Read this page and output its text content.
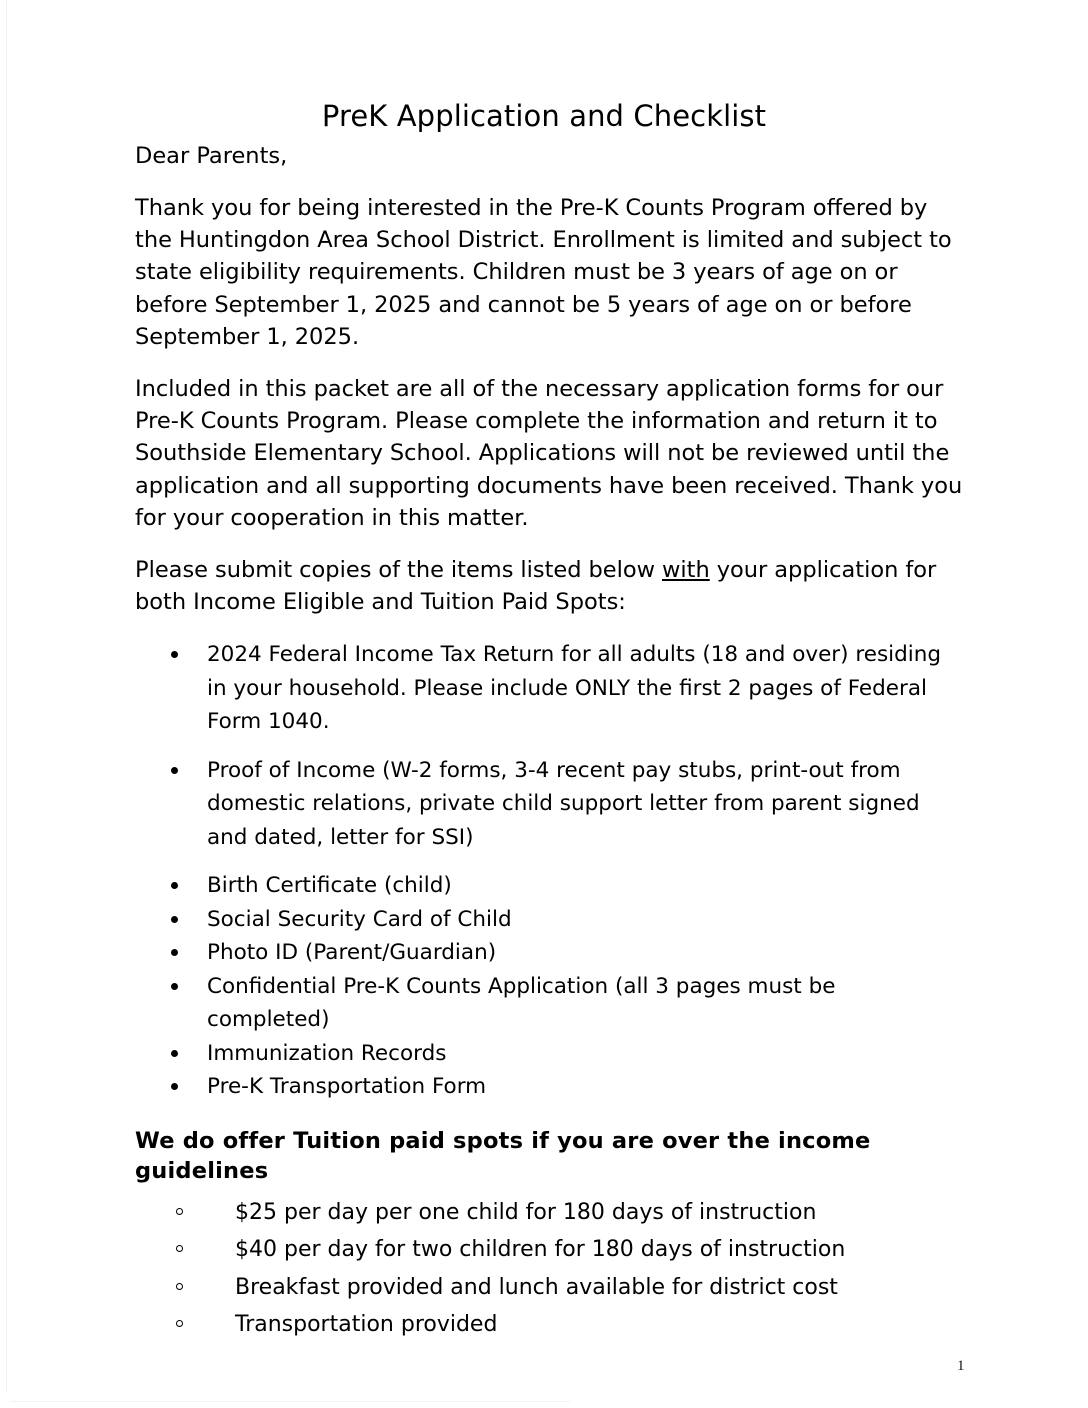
PreK Application and Checklist

Dear Parents,

Thank you for being interested in the Pre-K Counts Program offered by the Huntingdon Area School District. Enrollment is limited and subject to state eligibility requirements. Children must be 3 years of age on or before September 1, 2025 and cannot be 5 years of age on or before September 1, 2025.

Included in this packet are all of the necessary application forms for our Pre-K Counts Program. Please complete the information and return it to Southside Elementary School. Applications will not be reviewed until the application and all supporting documents have been received. Thank you for your cooperation in this matter.

Please submit copies of the items listed below with your application for both Income Eligible and Tuition Paid Spots:

2024 Federal Income Tax Return for all adults (18 and over) residing in your household. Please include ONLY the first 2 pages of Federal Form 1040.
Proof of Income (W-2 forms, 3-4 recent pay stubs, print-out from domestic relations, private child support letter from parent signed and dated, letter for SSI)
Birth Certificate (child)
Social Security Card of Child
Photo ID (Parent/Guardian)
Confidential Pre-K Counts Application (all 3 pages must be completed)
Immunization Records
Pre-K Transportation Form

We do offer Tuition paid spots if you are over the income guidelines

$25 per day per one child for 180 days of instruction
$40 per day for two children for 180 days of instruction
Breakfast provided and lunch available for district cost
Transportation provided
1
